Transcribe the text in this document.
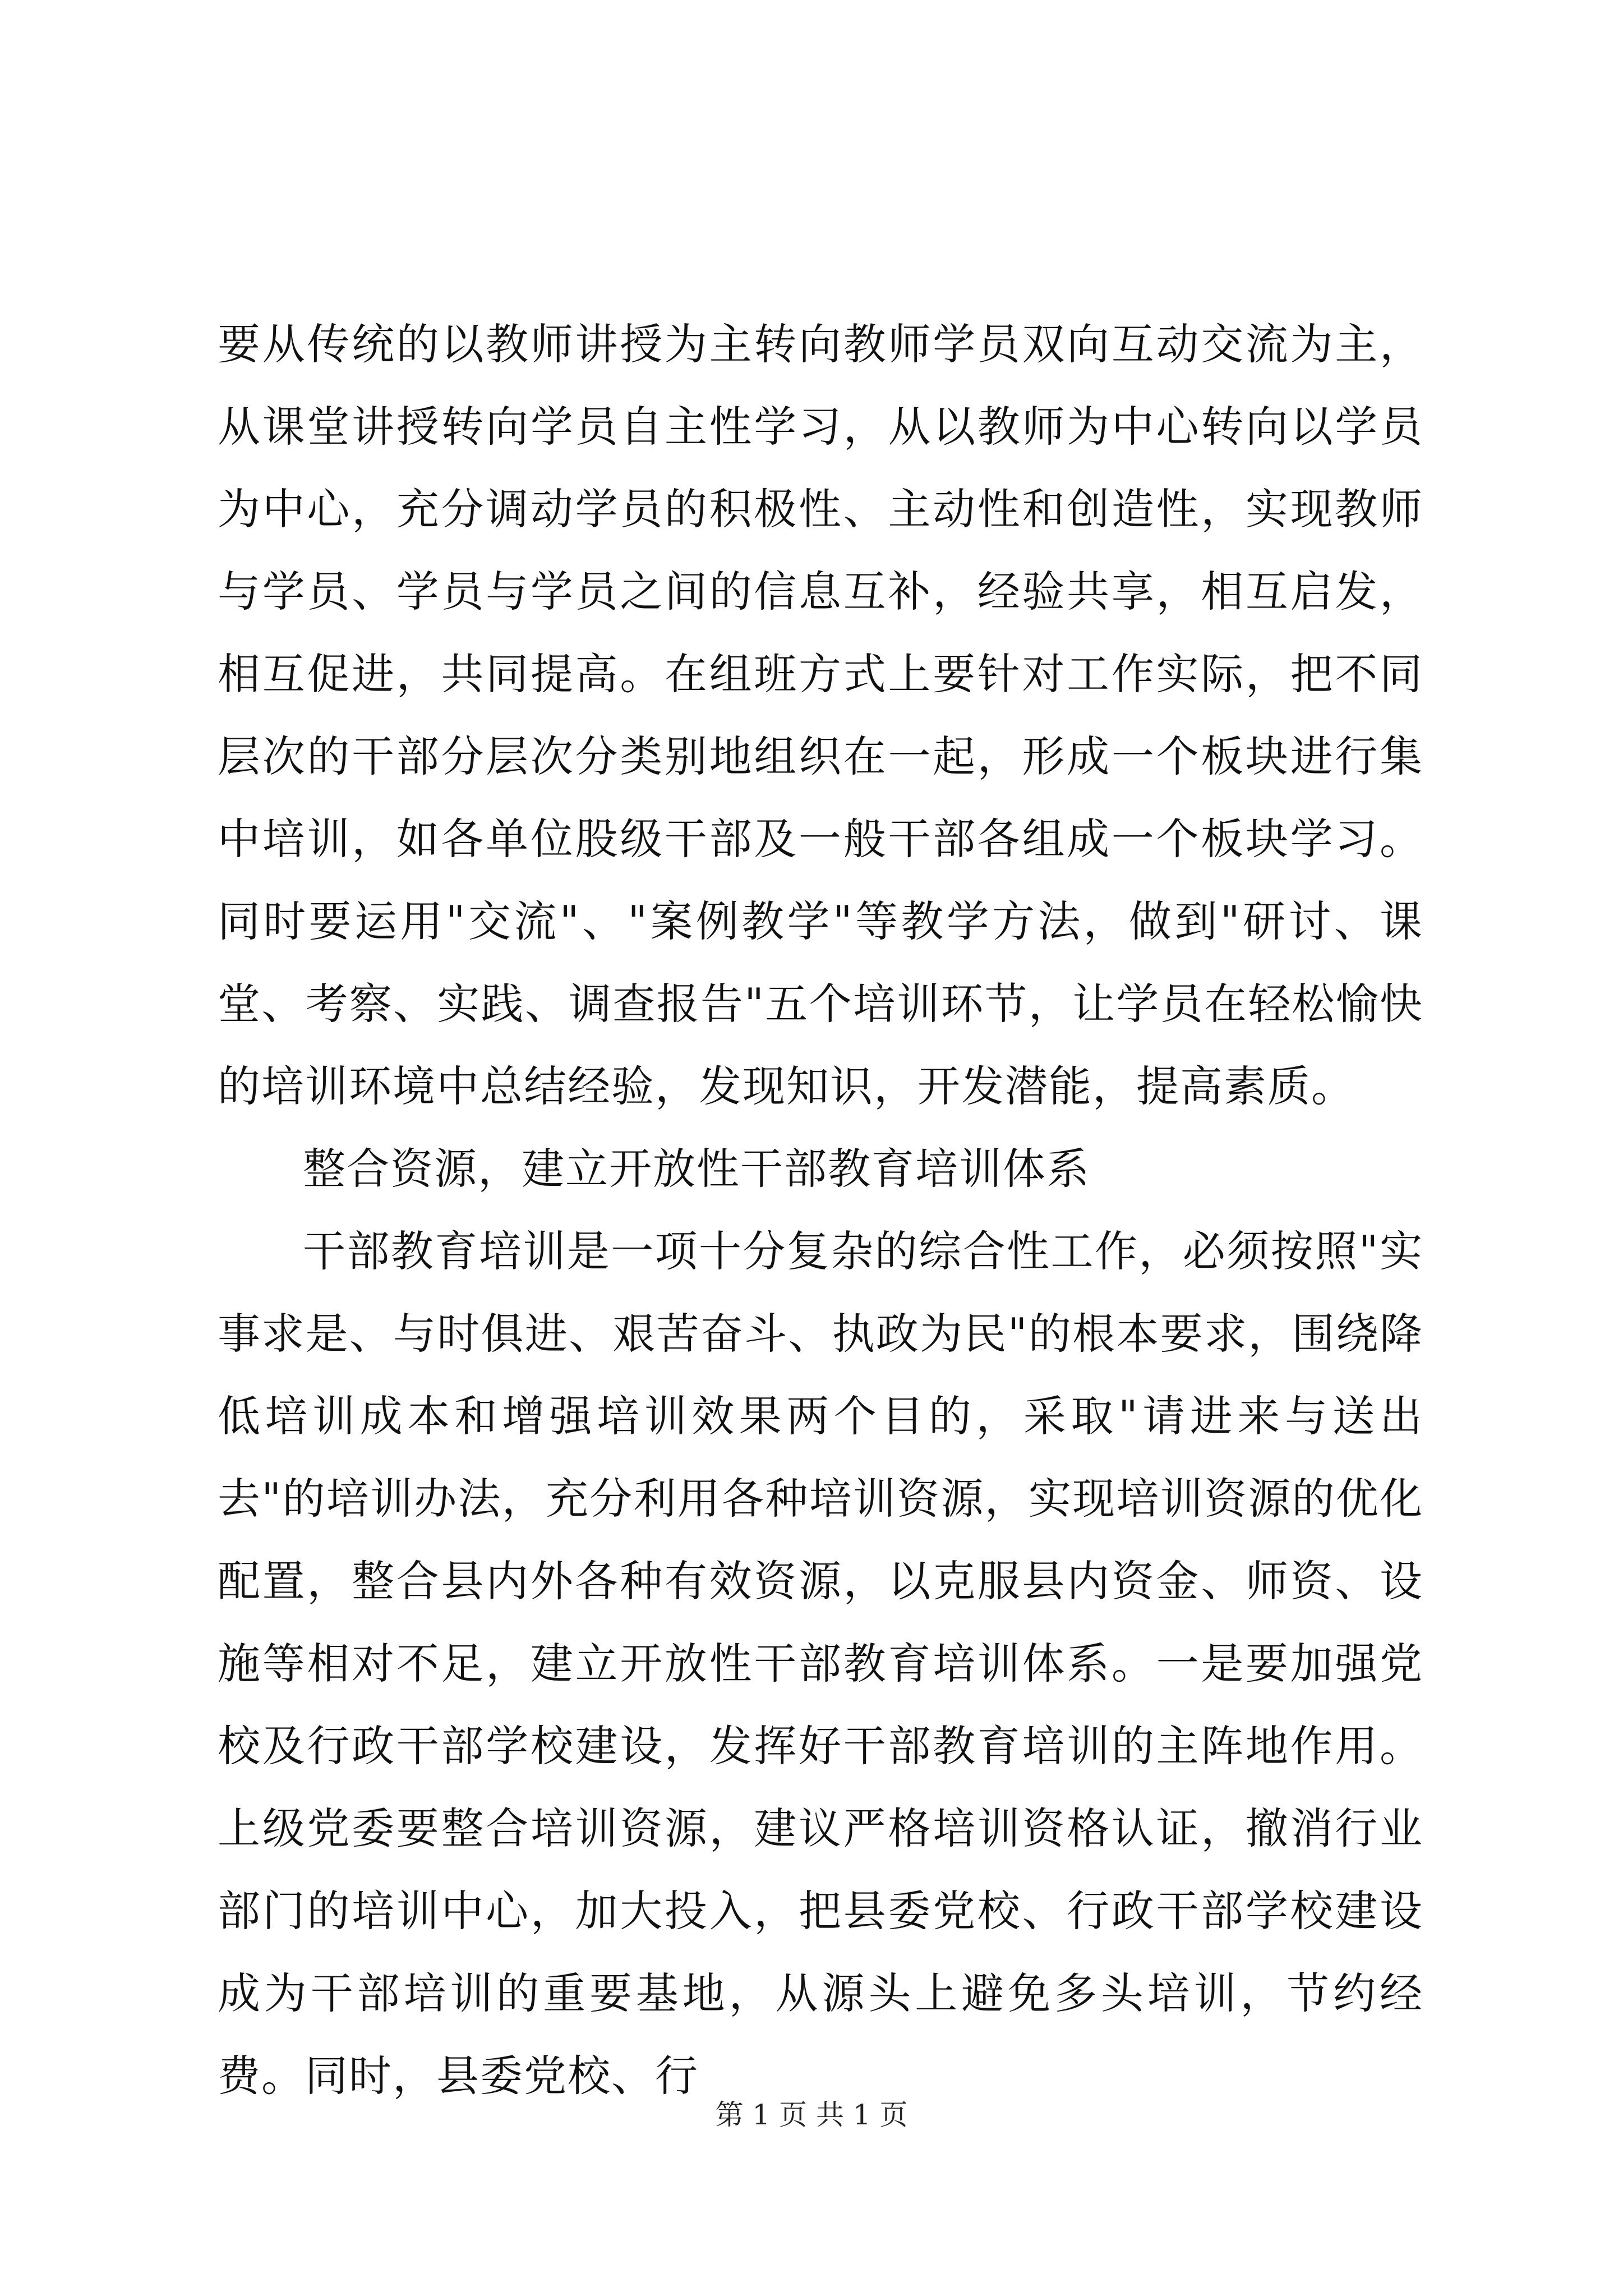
要从传统的以教师讲授为主转向教师学员双向互动交流为主，从课堂讲授转向学员自主性学习，从以教师为中心转向以学员为中心，充分调动学员的积极性、主动性和创造性，实现教师与学员、学员与学员之间的信息互补，经验共享，相互启发，相互促进，共同提高。在组班方式上要针对工作实际，把不同层次的干部分层次分类别地组织在一起，形成一个板块进行集中培训，如各单位股级干部及一般干部各组成一个板块学习。同时要运用"交流"、"案例教学"等教学方法，做到"研讨、课堂、考察、实践、调查报告"五个培训环节，让学员在轻松愉快的培训环境中总结经验，发现知识，开发潜能，提高素质。

整合资源，建立开放性干部教育培训体系

干部教育培训是一项十分复杂的综合性工作，必须按照"实事求是、与时俱进、艰苦奋斗、执政为民"的根本要求，围绕降低培训成本和增强培训效果两个目的，采取"请进来与送出去"的培训办法，充分利用各种培训资源，实现培训资源的优化配置，整合县内外各种有效资源，以克服县内资金、师资、设施等相对不足，建立开放性干部教育培训体系。一是要加强党校及行政干部学校建设，发挥好干部教育培训的主阵地作用。上级党委要整合培训资源，建议严格培训资格认证，撤消行业部门的培训中心，加大投入，把县委党校、行政干部学校建设成为干部培训的重要基地，从源头上避免多头培训，节约经费。同时，县委党校、行

第 1 页 共 1 页
